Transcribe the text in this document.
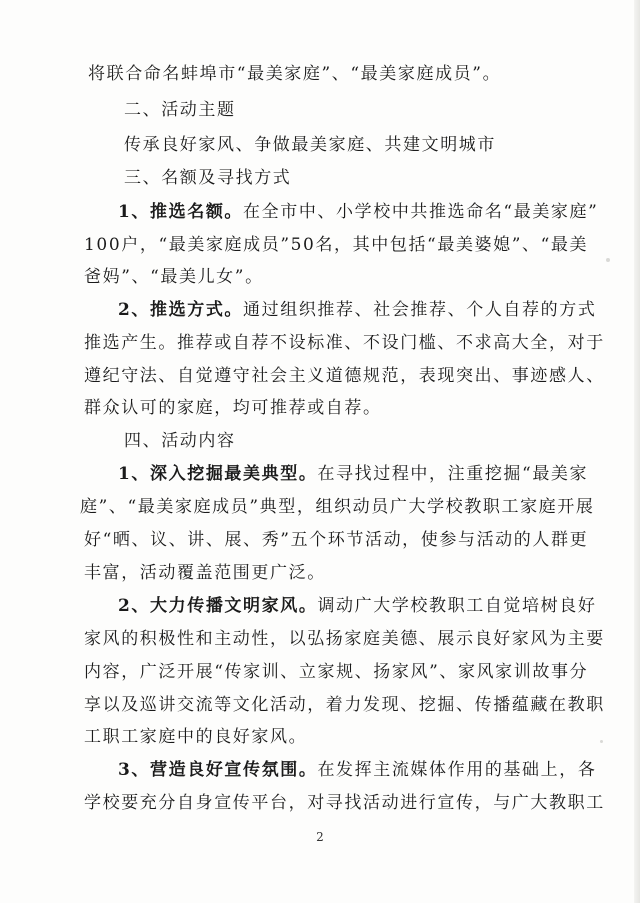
将联合命名蚌埠市“最美家庭”、“最美家庭成员”。
二、活动主题
传承良好家风、争做最美家庭、共建文明城市
三、名额及寻找方式
1、推选名额。在全市中、小学校中共推选命名“最美家庭”
100户，“最美家庭成员”50名，其中包括“最美婆媳”、“最美
爸妈”、“最美儿女”。
2、推选方式。通过组织推荐、社会推荐、个人自荐的方式
推选产生。推荐或自荐不设标准、不设门槛、不求高大全，对于
遵纪守法、自觉遵守社会主义道德规范，表现突出、事迹感人、
群众认可的家庭，均可推荐或自荐。
四、活动内容
1、深入挖掘最美典型。在寻找过程中，注重挖掘“最美家
庭”、“最美家庭成员”典型，组织动员广大学校教职工家庭开展
好“晒、议、讲、展、秀”五个环节活动，使参与活动的人群更
丰富，活动覆盖范围更广泛。
2、大力传播文明家风。调动广大学校教职工自觉培树良好
家风的积极性和主动性，以弘扬家庭美德、展示良好家风为主要
内容，广泛开展“传家训、立家规、扬家风”、家风家训故事分
享以及巡讲交流等文化活动，着力发现、挖掘、传播蕴藏在教职
工职工家庭中的良好家风。
3、营造良好宣传氛围。在发挥主流媒体作用的基础上，各
学校要充分自身宣传平台，对寻找活动进行宣传，与广大教职工
2
